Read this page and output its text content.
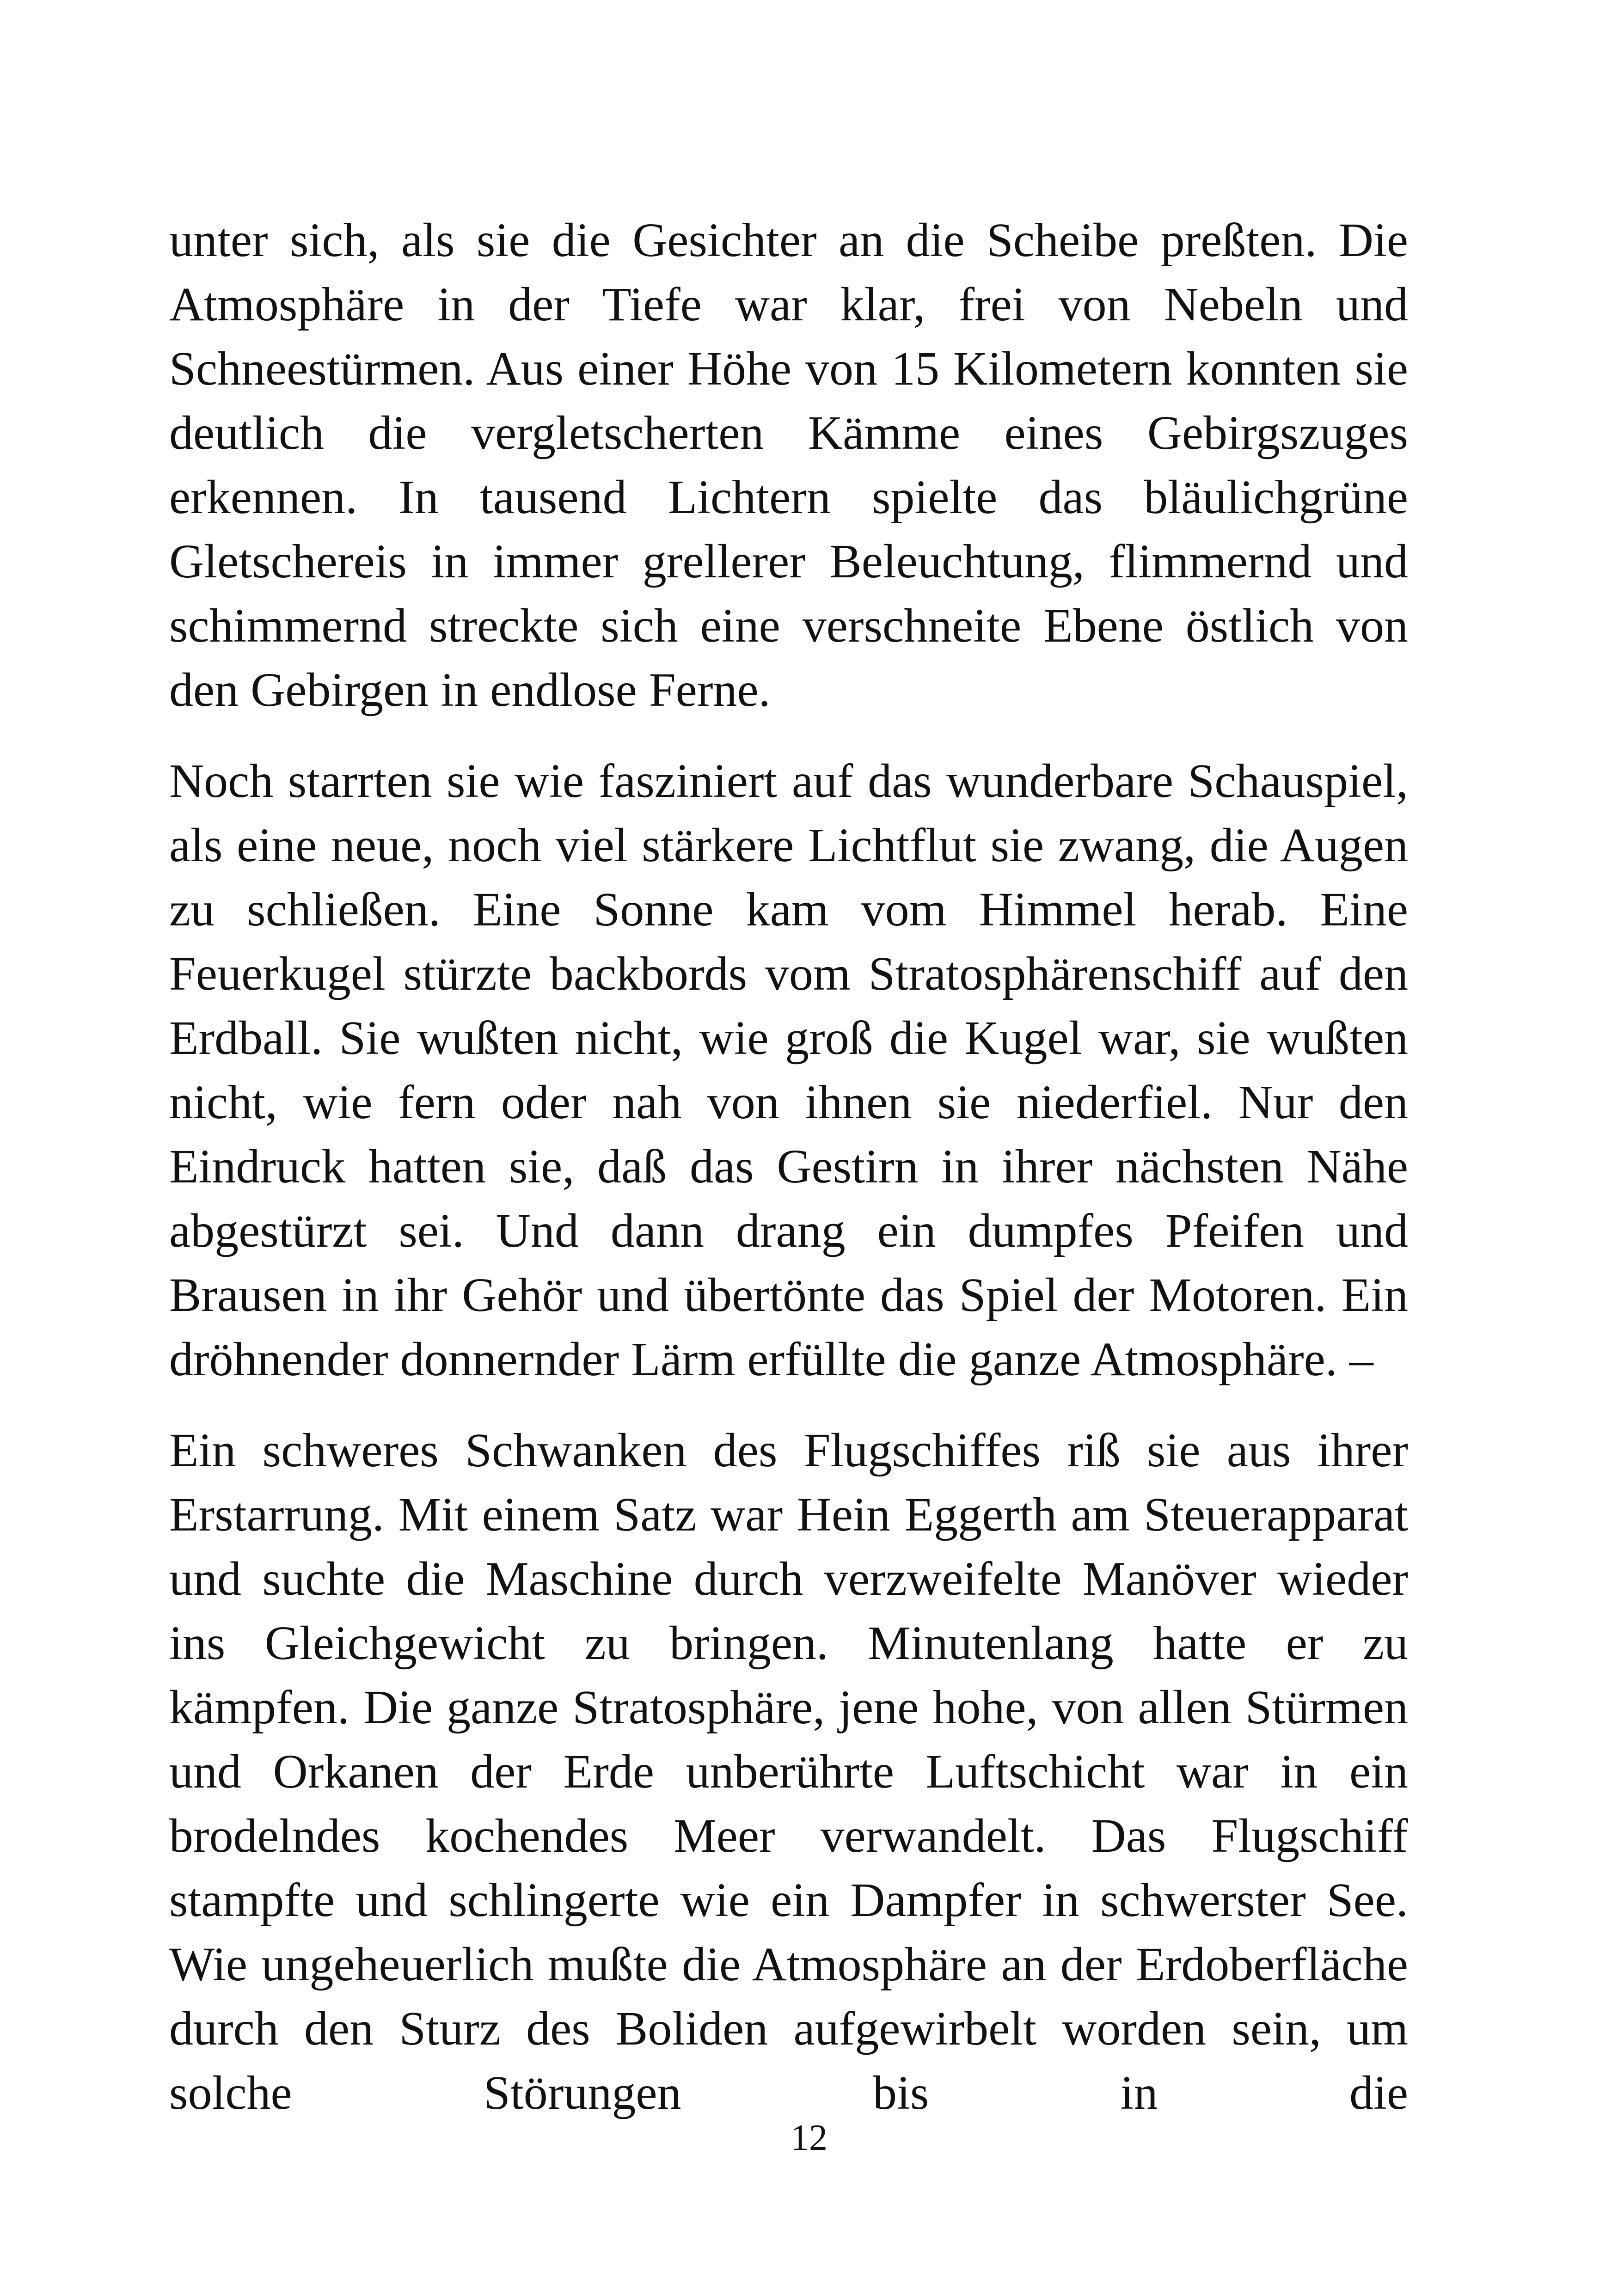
unter sich, als sie die Gesichter an die Scheibe preßten. Die Atmosphäre in der Tiefe war klar, frei von Nebeln und Schneestürmen. Aus einer Höhe von 15 Kilometern konnten sie deutlich die vergletscherten Kämme eines Gebirgszuges erkennen. In tausend Lichtern spielte das bläulichgrüne Gletschereis in immer grellerer Beleuchtung, flimmernd und schimmernd streckte sich eine verschneite Ebene östlich von den Gebirgen in endlose Ferne.

Noch starrten sie wie fasziniert auf das wunderbare Schauspiel, als eine neue, noch viel stärkere Lichtflut sie zwang, die Augen zu schließen. Eine Sonne kam vom Himmel herab. Eine Feuerkugel stürzte backbords vom Stratosphärenschiff auf den Erdball. Sie wußten nicht, wie groß die Kugel war, sie wußten nicht, wie fern oder nah von ihnen sie niederfiel. Nur den Eindruck hatten sie, daß das Gestirn in ihrer nächsten Nähe abgestürzt sei. Und dann drang ein dumpfes Pfeifen und Brausen in ihr Gehör und übertönte das Spiel der Motoren. Ein dröhnender donnernder Lärm erfüllte die ganze Atmosphäre. –

Ein schweres Schwanken des Flugschiffes riß sie aus ihrer Erstarrung. Mit einem Satz war Hein Eggerth am Steuerapparat und suchte die Maschine durch verzweifelte Manöver wieder ins Gleichgewicht zu bringen. Minutenlang hatte er zu kämpfen. Die ganze Stratosphäre, jene hohe, von allen Stürmen und Orkanen der Erde unberührte Luftschicht war in ein brodelndes kochendes Meer verwandelt. Das Flugschiff stampfte und schlingerte wie ein Dampfer in schwerster See. Wie ungeheuerlich mußte die Atmosphäre an der Erdoberfläche durch den Sturz des Boliden aufgewirbelt worden sein, um solche Störungen bis in die

12
